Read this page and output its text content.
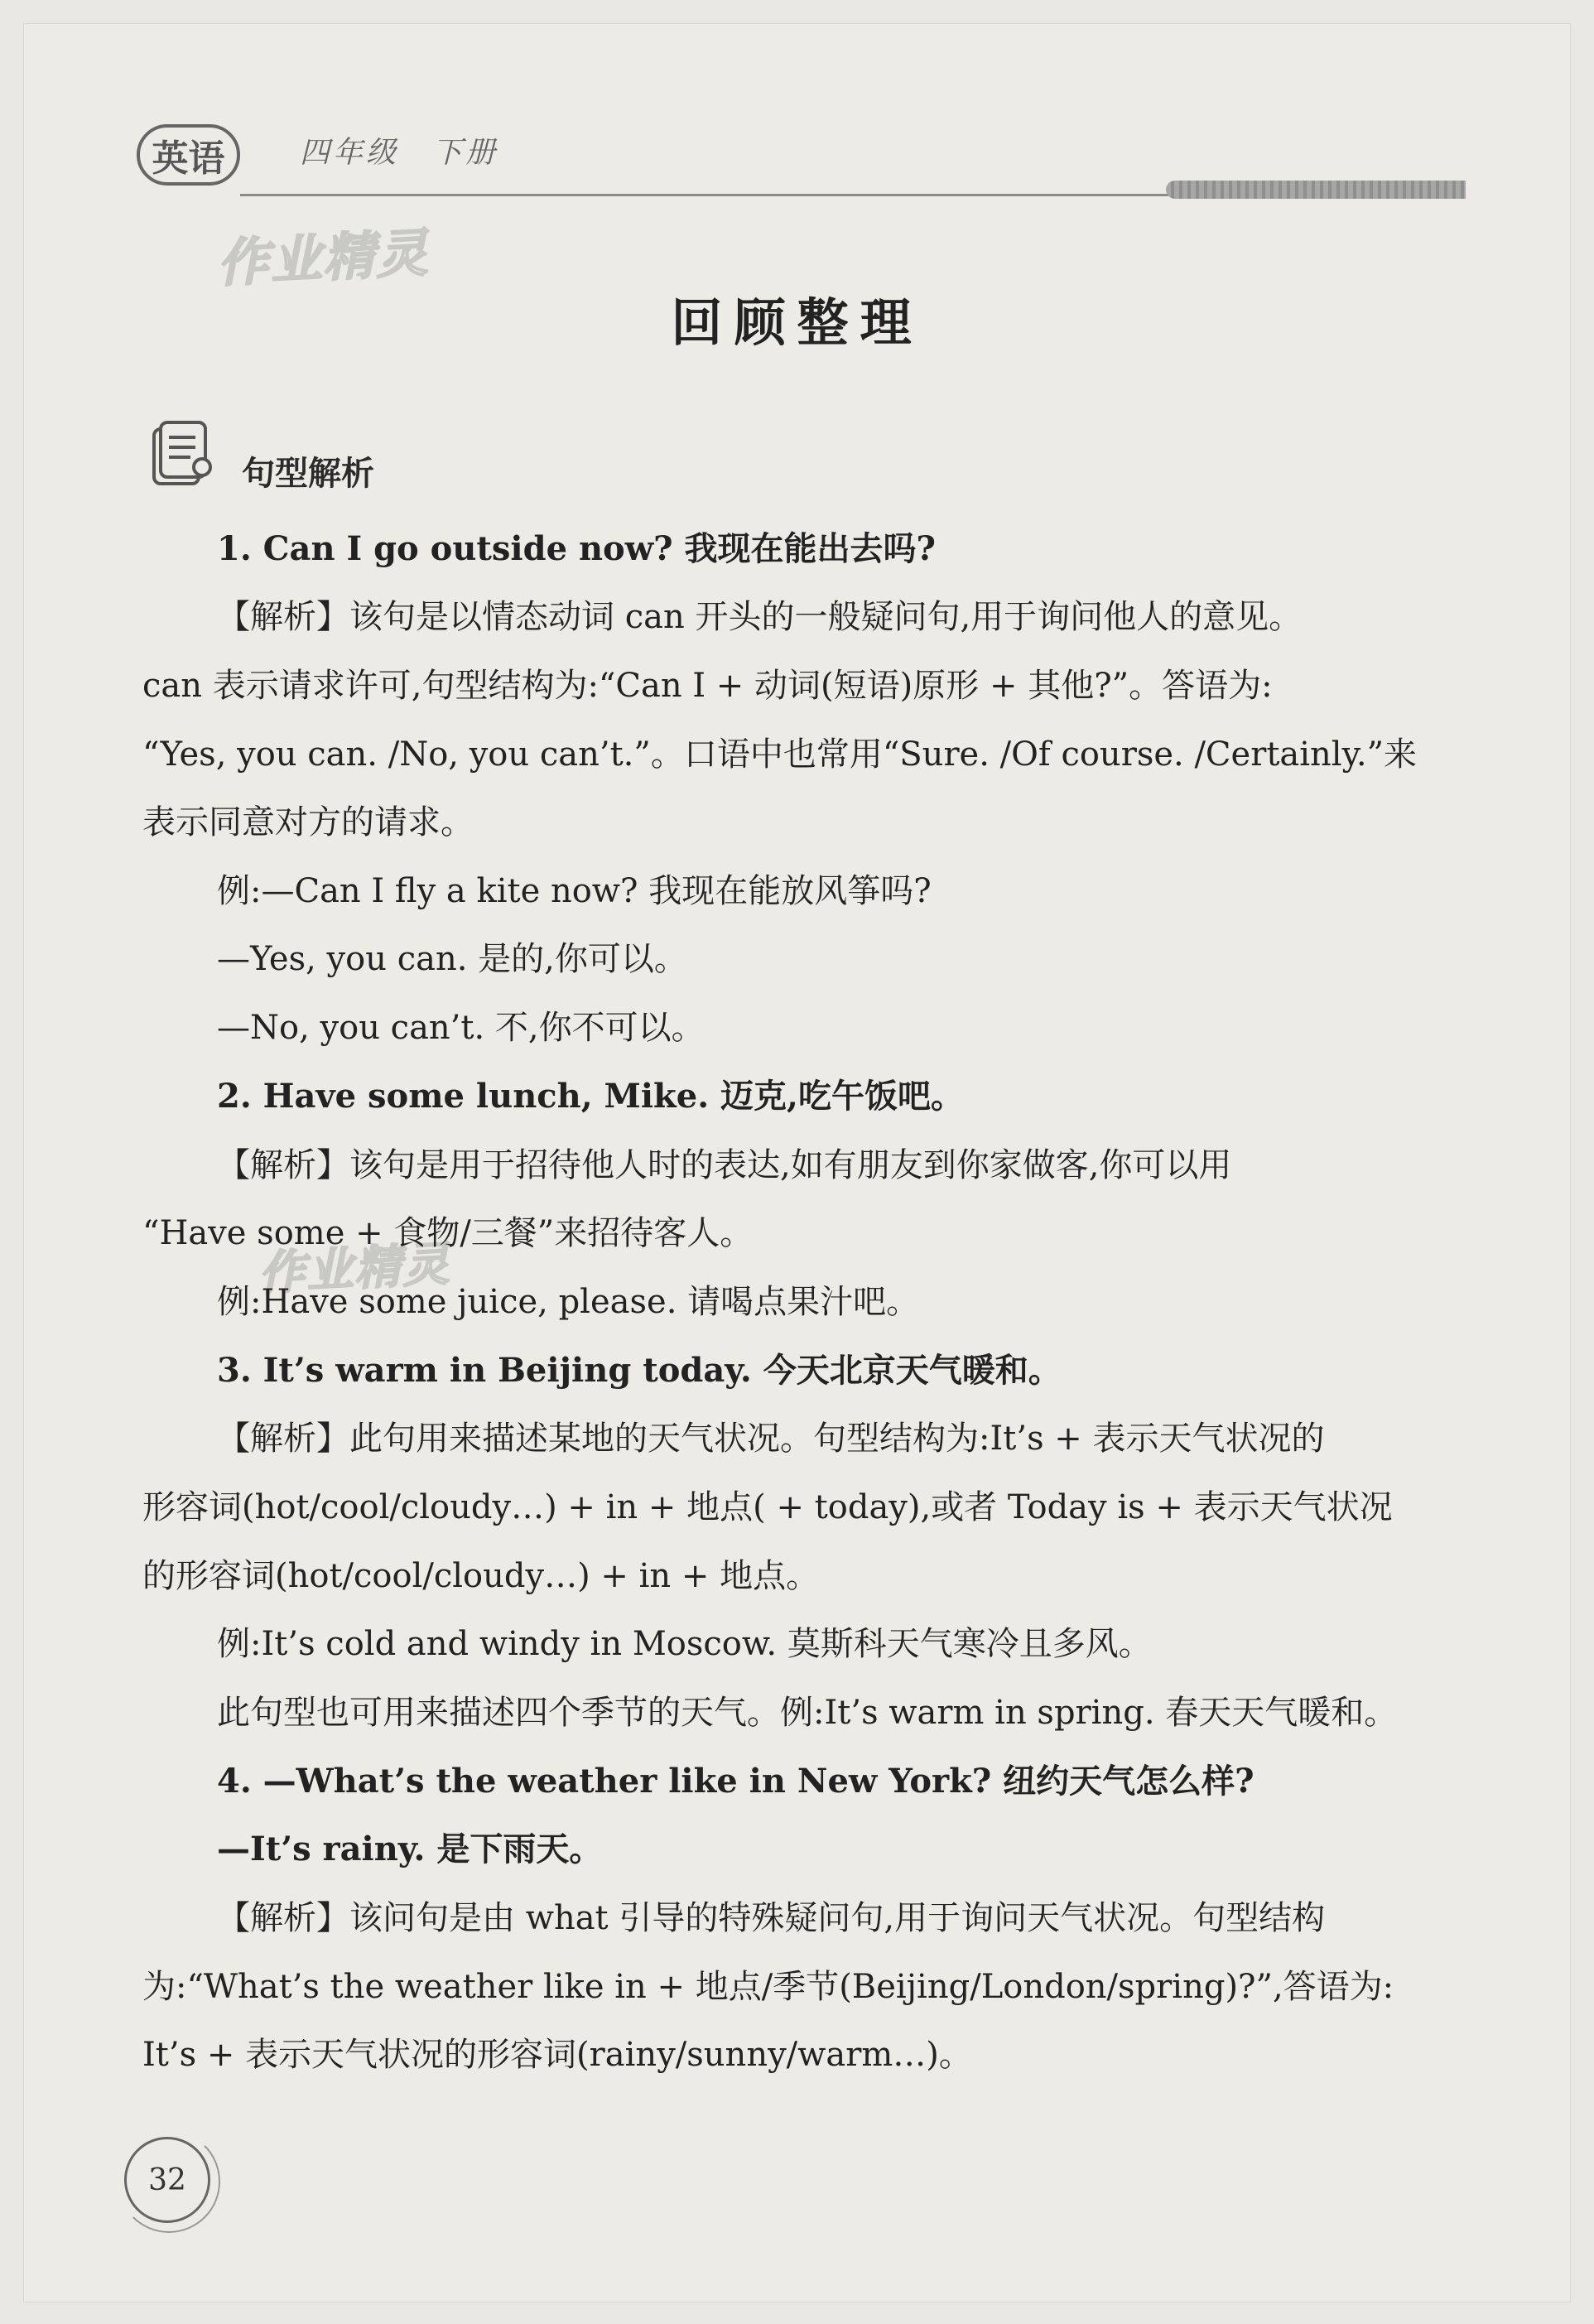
英语	四年级　下册
作业精灵
作业精灵
回顾整理
句型解析
1. Can I go outside now? 我现在能出去吗?
【解析】该句是以情态动词 can 开头的一般疑问句,用于询问他人的意见。
can 表示请求许可,句型结构为:“Can I + 动词(短语)原形 + 其他?”。答语为:
“Yes, you can. /No, you can’t.”。口语中也常用“Sure. /Of course. /Certainly.”来
表示同意对方的请求。
例:—Can I fly a kite now? 我现在能放风筝吗?
—Yes, you can. 是的,你可以。
—No, you can’t. 不,你不可以。
2. Have some lunch, Mike. 迈克,吃午饭吧。
【解析】该句是用于招待他人时的表达,如有朋友到你家做客,你可以用
“Have some + 食物/三餐”来招待客人。
例:Have some juice, please. 请喝点果汁吧。
3. It’s warm in Beijing today. 今天北京天气暖和。
【解析】此句用来描述某地的天气状况。句型结构为:It’s + 表示天气状况的
形容词(hot/cool/cloudy…) + in + 地点( + today),或者 Today is + 表示天气状况
的形容词(hot/cool/cloudy…) + in + 地点。
例:It’s cold and windy in Moscow. 莫斯科天气寒冷且多风。
此句型也可用来描述四个季节的天气。例:It’s warm in spring. 春天天气暖和。
4. —What’s the weather like in New York? 纽约天气怎么样?
—It’s rainy. 是下雨天。
【解析】该问句是由 what 引导的特殊疑问句,用于询问天气状况。句型结构
为:“What’s the weather like in + 地点/季节(Beijing/London/spring)?”,答语为:
It’s + 表示天气状况的形容词(rainy/sunny/warm…)。
32
